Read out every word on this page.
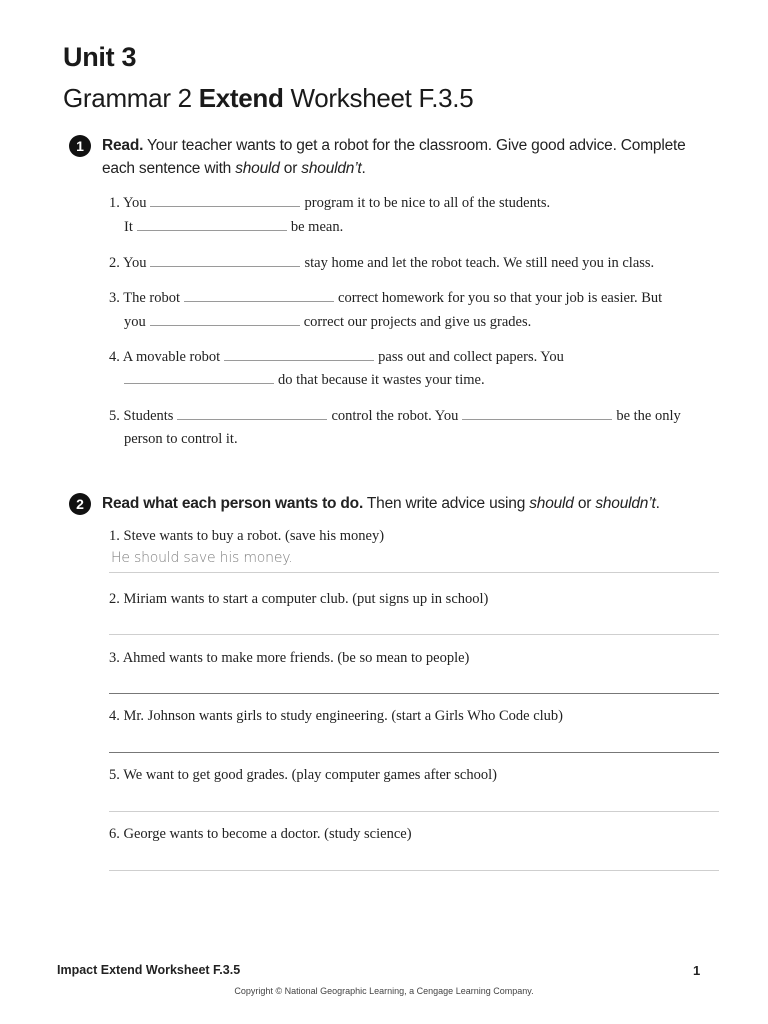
Unit 3
Grammar 2 Extend Worksheet F.3.5
1	Read. Your teacher wants to get a robot for the classroom. Give good advice. Complete each sentence with should or shouldn’t.
1. You	program it to be nice to all of the students.
It	be mean.
2. You	stay home and let the robot teach. We still need you in class.
3. The robot	correct homework for you so that your job is easier. But
you	correct our projects and give us grades.
4. A movable robot	pass out and collect papers. You
do that because it wastes your time.
5. Students	control the robot. You	be the only
person to control it.
2	Read what each person wants to do. Then write advice using should or shouldn’t.
1. Steve wants to buy a robot. (save his money)
He should save his money.
2. Miriam wants to start a computer club. (put signs up in school)
3. Ahmed wants to make more friends. (be so mean to people)
4. Mr. Johnson wants girls to study engineering. (start a Girls Who Code club)
5. We want to get good grades. (play computer games after school)
6. George wants to become a doctor. (study science)
Impact Extend Worksheet F.3.5	1
Copyright © National Geographic Learning, a Cengage Learning Company.
